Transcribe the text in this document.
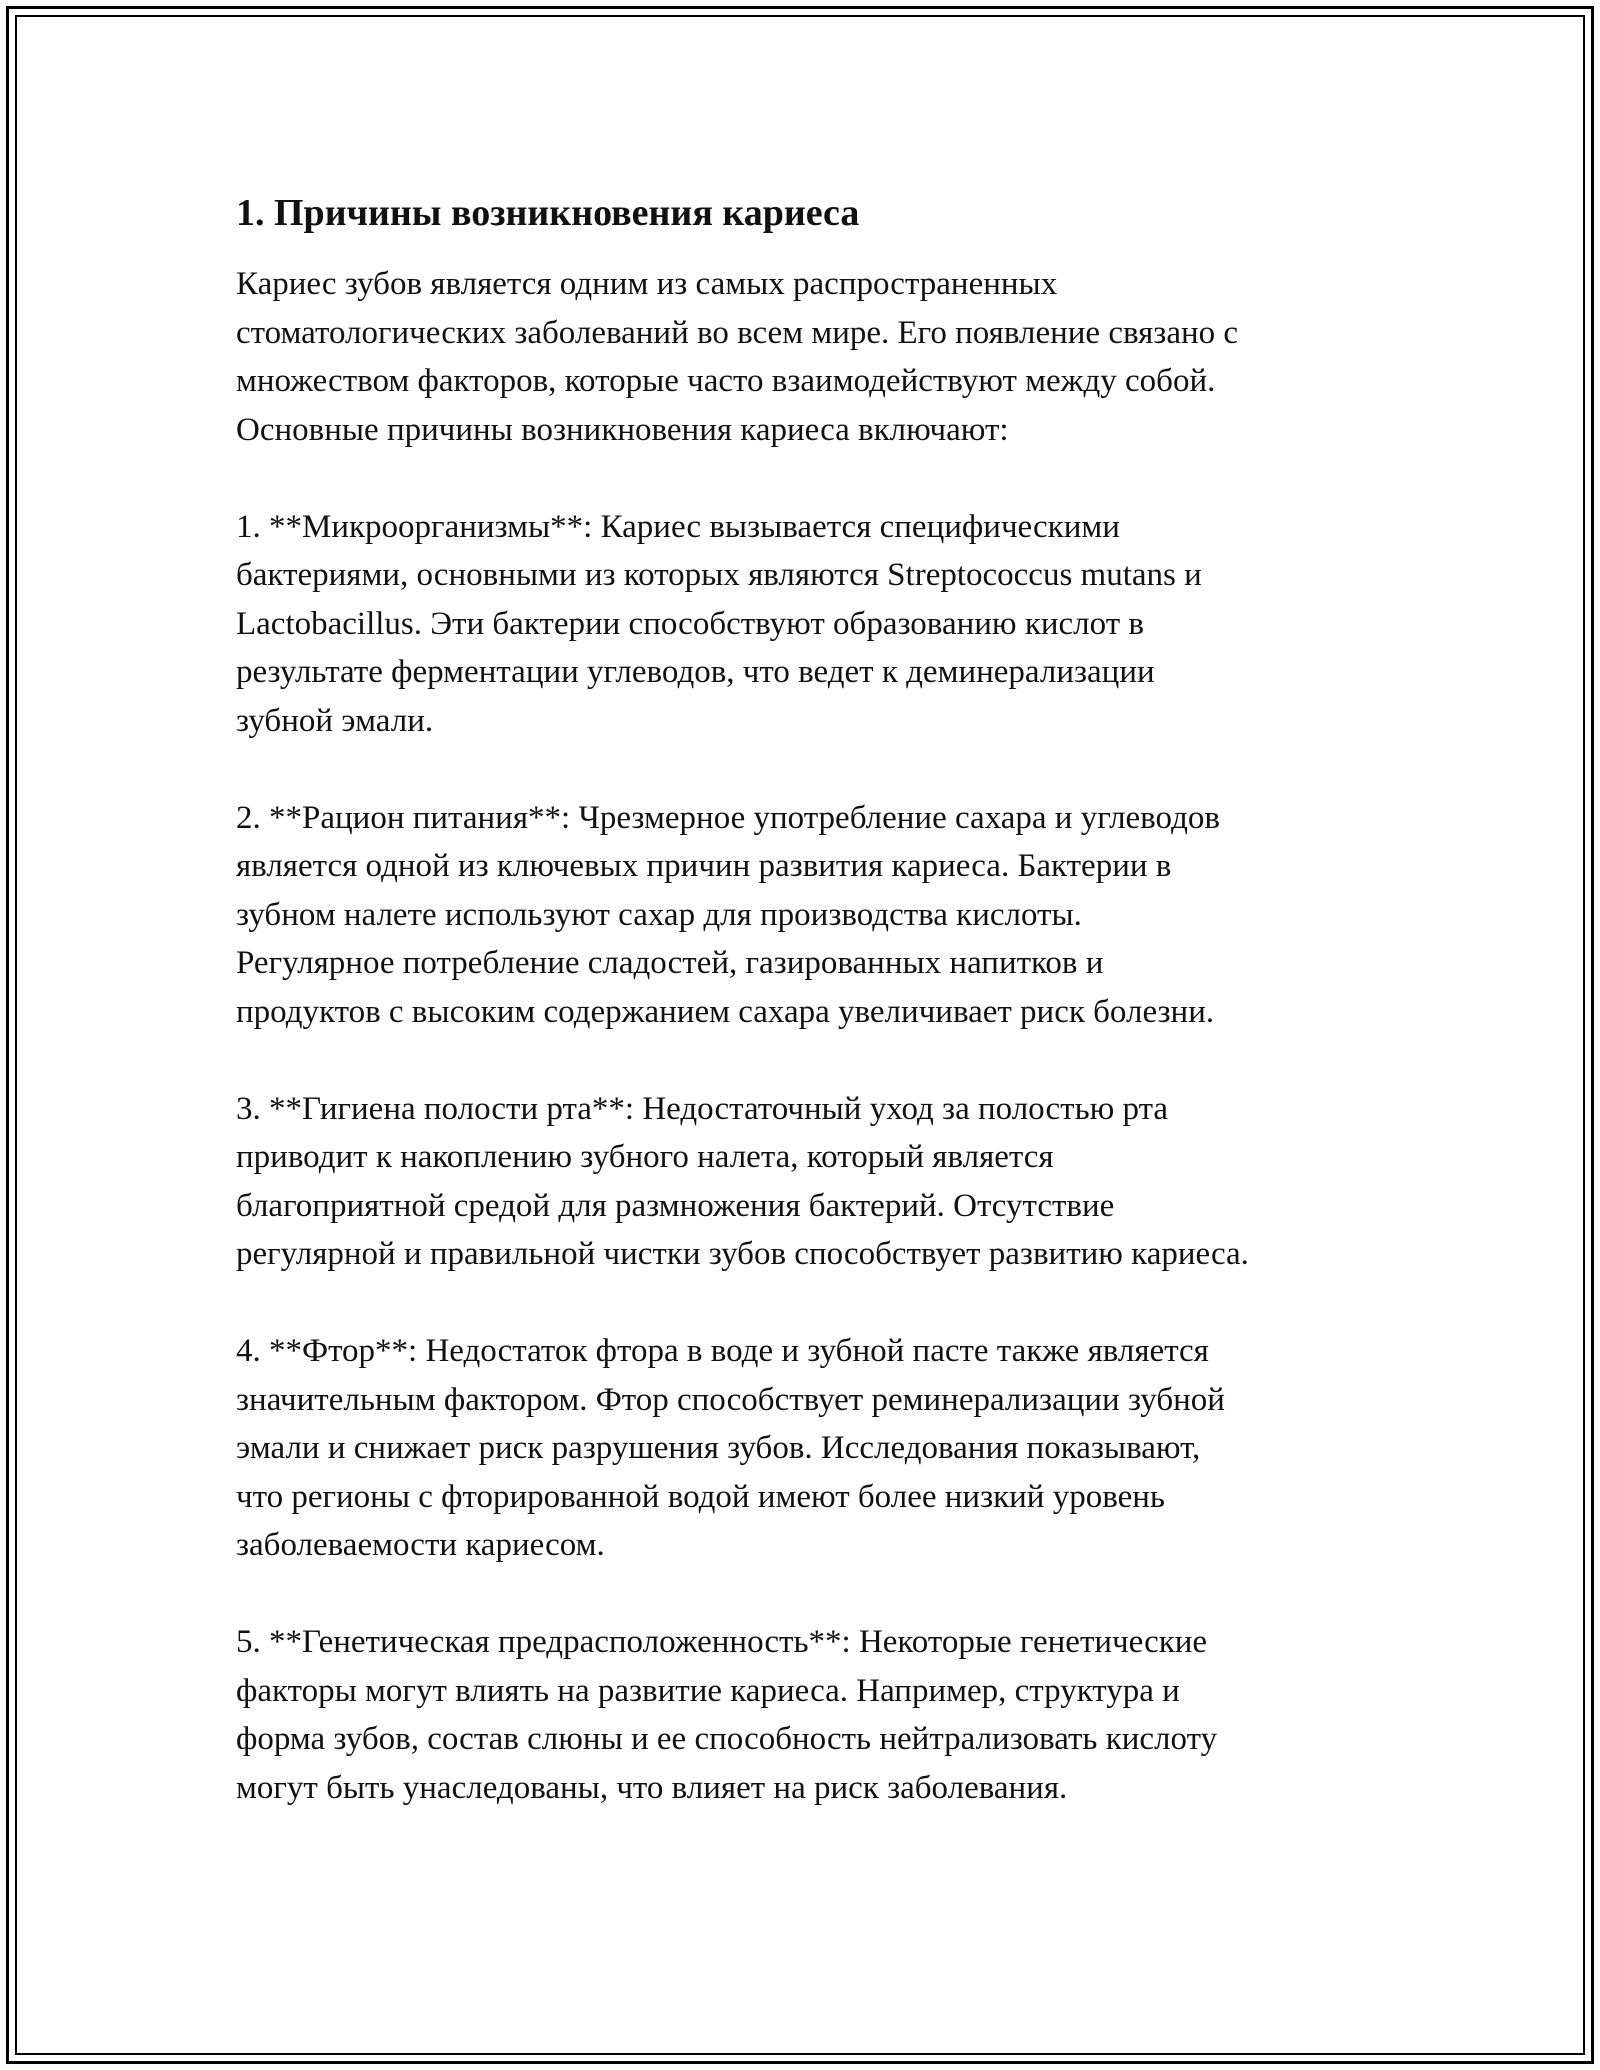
1. Причины возникновения кариеса

Кариес зубов является одним из самых распространенных
стоматологических заболеваний во всем мире. Его появление связано с
множеством факторов, которые часто взаимодействуют между собой.
Основные причины возникновения кариеса включают:

1. **Микроорганизмы**: Кариес вызывается специфическими
бактериями, основными из которых являются Streptococcus mutans и
Lactobacillus. Эти бактерии способствуют образованию кислот в
результате ферментации углеводов, что ведет к деминерализации
зубной эмали.

2. **Рацион питания**: Чрезмерное употребление сахара и углеводов
является одной из ключевых причин развития кариеса. Бактерии в
зубном налете используют сахар для производства кислоты.
Регулярное потребление сладостей, газированных напитков и
продуктов с высоким содержанием сахара увеличивает риск болезни.

3. **Гигиена полости рта**: Недостаточный уход за полостью рта
приводит к накоплению зубного налета, который является
благоприятной средой для размножения бактерий. Отсутствие
регулярной и правильной чистки зубов способствует развитию кариеса.

4. **Фтор**: Недостаток фтора в воде и зубной пасте также является
значительным фактором. Фтор способствует реминерализации зубной
эмали и снижает риск разрушения зубов. Исследования показывают,
что регионы с фторированной водой имеют более низкий уровень
заболеваемости кариесом.

5. **Генетическая предрасположенность**: Некоторые генетические
факторы могут влиять на развитие кариеса. Например, структура и
форма зубов, состав слюны и ее способность нейтрализовать кислоту
могут быть унаследованы, что влияет на риск заболевания.
